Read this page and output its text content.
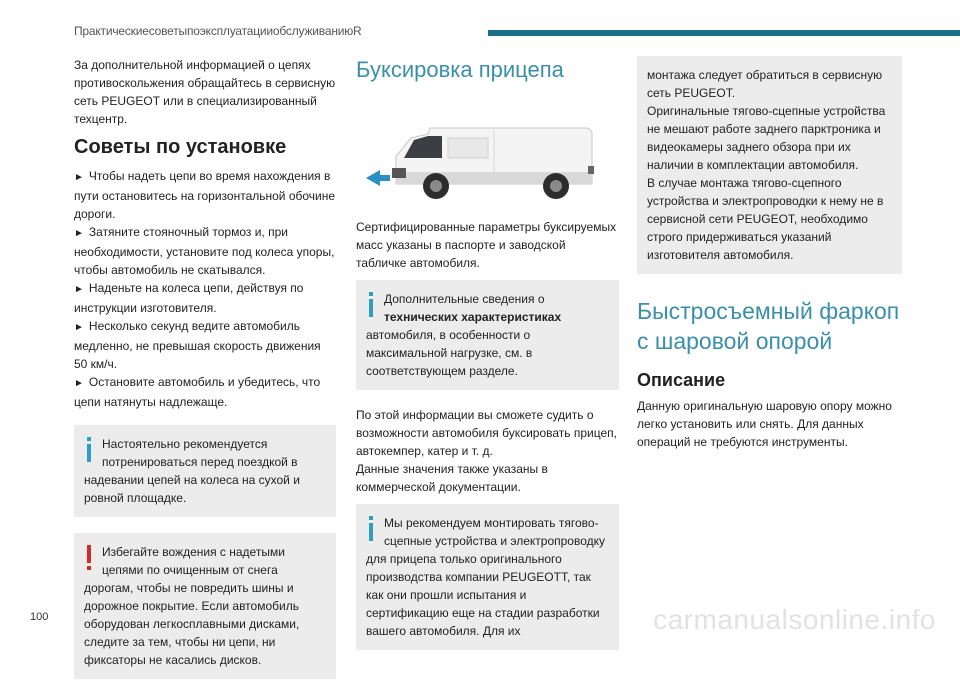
ПрактическиесоветыпоэксплуатацииобслуживаниюR

За дополнительной информацией о цепях противоскольжения обращайтесь в сервисную сеть PEUGEOT или в специализированный техцентр.

Советы по установке

► Чтобы надеть цепи во время нахождения в пути остановитесь на горизонтальной обочине дороги.

► Затяните стояночный тормоз и, при необходимости, установите под колеса упоры, чтобы автомобиль не скатывался.

► Наденьте на колеса цепи, действуя по инструкции изготовителя.

► Несколько секунд ведите автомобиль медленно, не превышая скорость движения 50 км/ч.

► Остановите автомобиль и убедитесь, что цепи натянуты надлежаще.

Настоятельно рекомендуется потренироваться перед поездкой в надевании цепей на колеса на сухой и ровной площадке.
Избегайте вождения с надетыми цепями по очищенным от снега дорогам, чтобы не повредить шины и дорожное покрытие. Если автомобиль оборудован легкосплавными дисками, следите за тем, чтобы ни цепи, ни фиксаторы не касались дисков.
Буксировка прицепа

Сертифицированные параметры буксируемых масс указаны в паспорте и заводской табличке автомобиля.

Дополнительные сведения о технических характеристиках автомобиля, в особенности о максимальной нагрузке, см. в соответствующем разделе.

По этой информации вы сможете судить о возможности автомобиля буксировать прицеп, автокемпер, катер и т. д.

Данные значения также указаны в коммерческой документации.

Мы рекомендуем монтировать тягово-сцепные устройства и электропроводку для прицепа только оригинального производства компании PEUGEOTT, так как они прошли испытания и сертификацию еще на стадии разработки вашего автомобиля. Для их
монтажа следует обратиться в сервисную сеть PEUGEOT.
Оригинальные тягово-сцепные устройства не мешают работе заднего парктроника и видеокамеры заднего обзора при их наличии в комплектации автомобиля.
В случае монтажа тягово-сцепного устройства и электропроводки к нему не в сервисной сети PEUGEOT, необходимо строго придерживаться указаний изготовителя автомобиля.
Быстросъемный фаркоп с шаровой опорой
Описание

Данную оригинальную шаровую опору можно легко установить или снять. Для данных операций не требуются инструменты.

100	carmanualsonline.info
